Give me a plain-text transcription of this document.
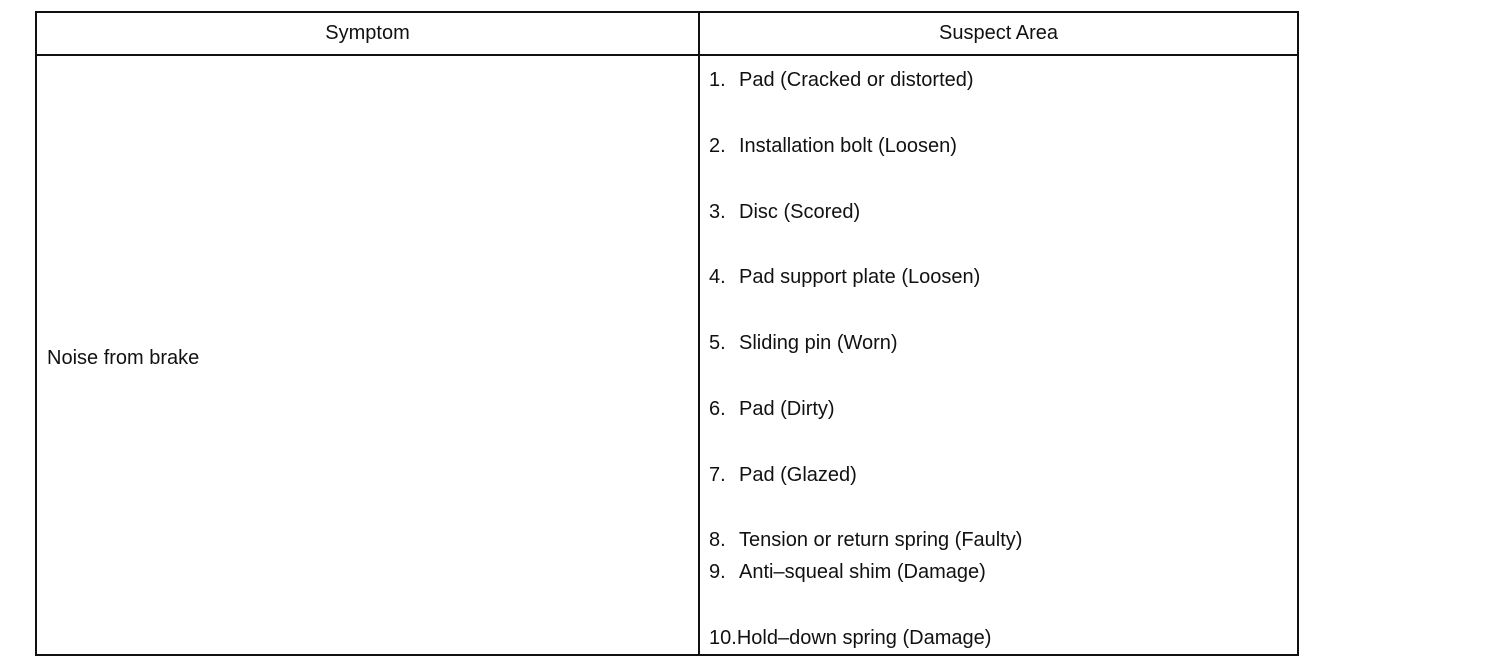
Symptom	Suspect Area
Noise from brake
1. Pad (Cracked or distorted)
2. Installation bolt (Loosen)
3. Disc (Scored)
4. Pad support plate (Loosen)
5. Sliding pin (Worn)
6. Pad (Dirty)
7. Pad (Glazed)
8. Tension or return spring (Faulty)
9. Anti–squeal shim (Damage)
10.Hold–down spring (Damage)
